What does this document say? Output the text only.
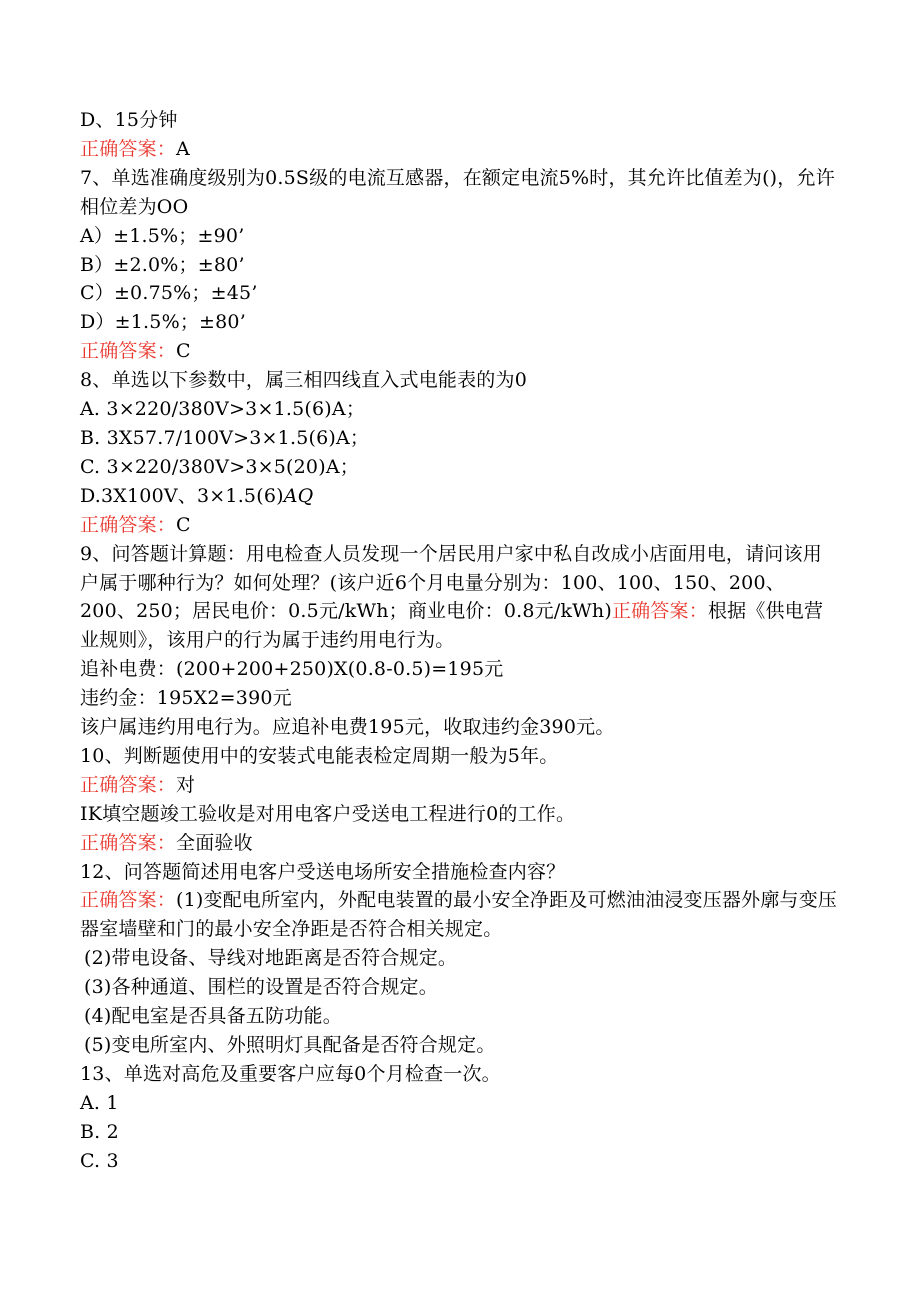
D、15分钟
正确答案：A
7、单选准确度级别为0.5S级的电流互感器，在额定电流5%时，其允许比值差为()，允许相位差为OO
A）±1.5%；±90’
B）±2.0%；±80’
C）±0.75%；±45’
D）±1.5%；±80’
正确答案：C
8、单选以下参数中，属三相四线直入式电能表的为0
A. 3×220/380V>3×1.5(6)A；
B. 3X57.7/100V>3×1.5(6)A；
C. 3×220/380V>3×5(20)A；
D.3X100V、3×1.5(6)AQ
正确答案：C
9、问答题计算题：用电检查人员发现一个居民用户家中私自改成小店面用电，请问该用户属于哪种行为？如何处理？(该户近6个月电量分别为：100、100、150、200、200、250；居民电价：0.5元/kWh；商业电价：0.8元/kWh)正确答案：根据《供电营业规则》，该用户的行为属于违约用电行为。
追补电费：(200+200+250)X(0.8-0.5)=195元
违约金：195X2=390元
该户属违约用电行为。应追补电费195元，收取违约金390元。
10、判断题使用中的安装式电能表检定周期一般为5年。
正确答案：对
IK填空题竣工验收是对用电客户受送电工程进行0的工作。
正确答案：全面验收
12、问答题简述用电客户受送电场所安全措施检查内容？
正确答案：(1)变配电所室内，外配电装置的最小安全净距及可燃油油浸变压器外廓与变压器室墙壁和门的最小安全净距是否符合相关规定。
(2)带电设备、导线对地距离是否符合规定。
(3)各种通道、围栏的设置是否符合规定。
(4)配电室是否具备五防功能。
(5)变电所室内、外照明灯具配备是否符合规定。
13、单选对高危及重要客户应每0个月检查一次。
A. 1
B. 2
C. 3
